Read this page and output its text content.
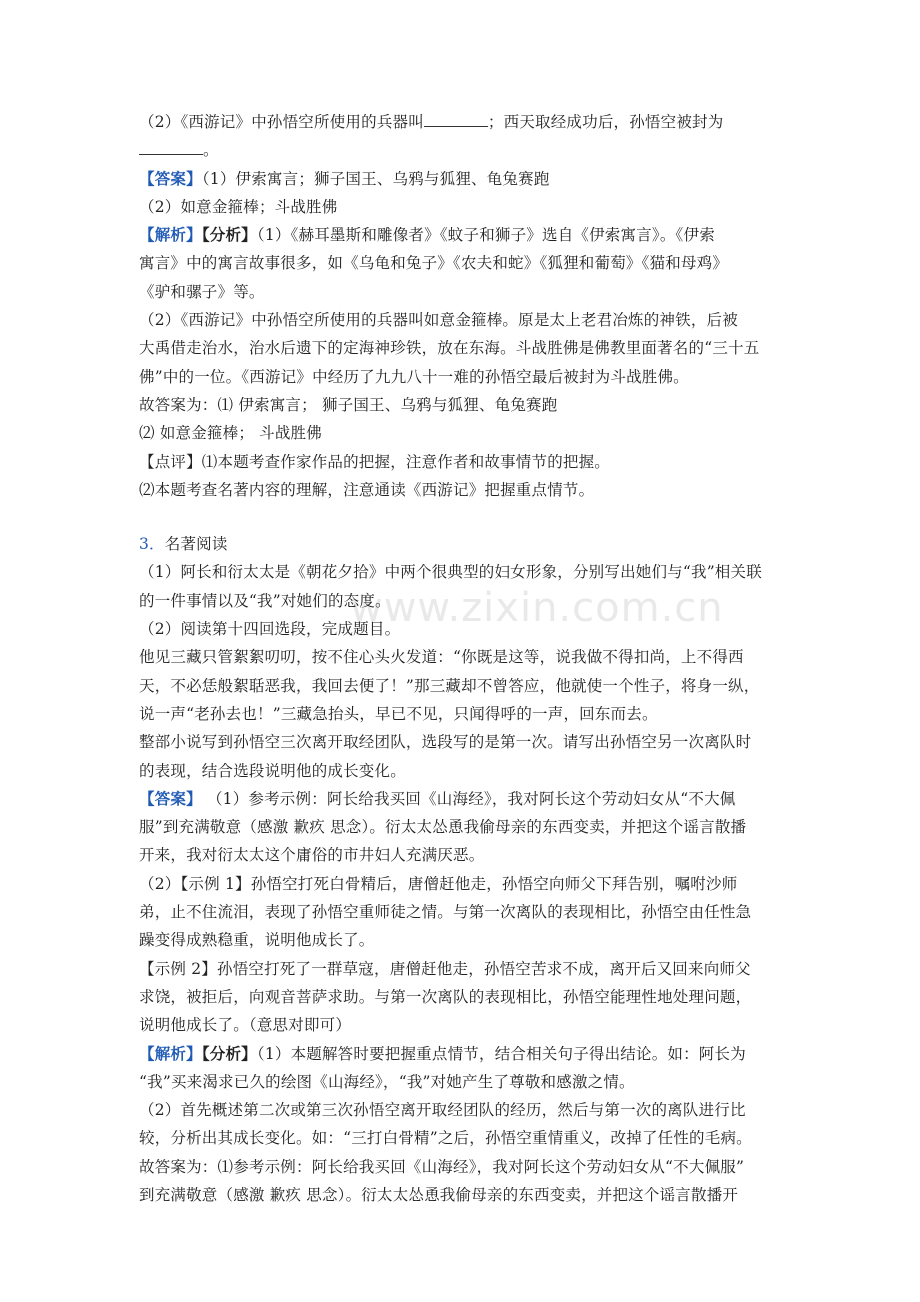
www.zixin.com.cn
（2）《西游记》中孙悟空所使用的兵器叫	；西天取经成功后，孙悟空被封为
。
【答案】（1）伊索寓言；狮子国王、乌鸦与狐狸、龟兔赛跑
（2）如意金箍棒；斗战胜佛
【解析】【分析】（1）《赫耳墨斯和雕像者》《蚊子和狮子》选自《伊索寓言》。《伊索
寓言》中的寓言故事很多，如《乌龟和兔子》《农夫和蛇》《狐狸和葡萄》《猫和母鸡》
《驴和骡子》等。
（2）《西游记》中孙悟空所使用的兵器叫如意金箍棒。原是太上老君冶炼的神铁，后被
大禹借走治水，治水后遗下的定海神珍铁，放在东海。斗战胜佛是佛教里面著名的“三十五
佛”中的一位。《西游记》中经历了九九八十一难的孙悟空最后被封为斗战胜佛。
故答案为：⑴ 伊索寓言； 狮子国王、乌鸦与狐狸、龟兔赛跑
⑵ 如意金箍棒； 斗战胜佛
【点评】⑴本题考查作家作品的把握，注意作者和故事情节的把握。
⑵本题考查名著内容的理解，注意通读《西游记》把握重点情节。
3．名著阅读
（1）阿长和衍太太是《朝花夕拾》中两个很典型的妇女形象，分别写出她们与“我”相关联
的一件事情以及“我”对她们的态度。
（2）阅读第十四回选段，完成题目。
他见三藏只管絮絮叨叨，按不住心头火发道：“你既是这等，说我做不得扣尚，上不得西
天，不必恁般絮聒恶我，我回去便了！”那三藏却不曾答应，他就使一个性子，将身一纵，
说一声“老孙去也！”三藏急抬头，早已不见，只闻得呼的一声，回东而去。
整部小说写到孙悟空三次离开取经团队，选段写的是第一次。请写出孙悟空另一次离队时
的表现，结合选段说明他的成长变化。
【答案】 （1）参考示例：阿长给我买回《山海经》，我对阿长这个劳动妇女从“不大佩
服”到充满敬意（感激 歉疚 思念）。衍太太怂恿我偷母亲的东西变卖，并把这个谣言散播
开来，我对衍太太这个庸俗的市井妇人充满厌恶。
（2）【示例 1】孙悟空打死白骨精后，唐僧赶他走，孙悟空向师父下拜告别，嘱咐沙师
弟，止不住流泪，表现了孙悟空重师徒之情。与第一次离队的表现相比，孙悟空由任性急
躁变得成熟稳重，说明他成长了。
【示例 2】孙悟空打死了一群草寇，唐僧赶他走，孙悟空苦求不成，离开后又回来向师父
求饶，被拒后，向观音菩萨求助。与第一次离队的表现相比，孙悟空能理性地处理问题，
说明他成长了。（意思对即可）
【解析】【分析】（1）本题解答时要把握重点情节，结合相关句子得出结论。如：阿长为
“我”买来渴求已久的绘图《山海经》，“我”对她产生了尊敬和感激之情。
（2）首先概述第二次或第三次孙悟空离开取经团队的经历，然后与第一次的离队进行比
较，分析出其成长变化。如：“三打白骨精”之后，孙悟空重情重义，改掉了任性的毛病。
故答案为：⑴参考示例：阿长给我买回《山海经》，我对阿长这个劳动妇女从“不大佩服”
到充满敬意（感激 歉疚 思念）。衍太太怂恿我偷母亲的东西变卖，并把这个谣言散播开
